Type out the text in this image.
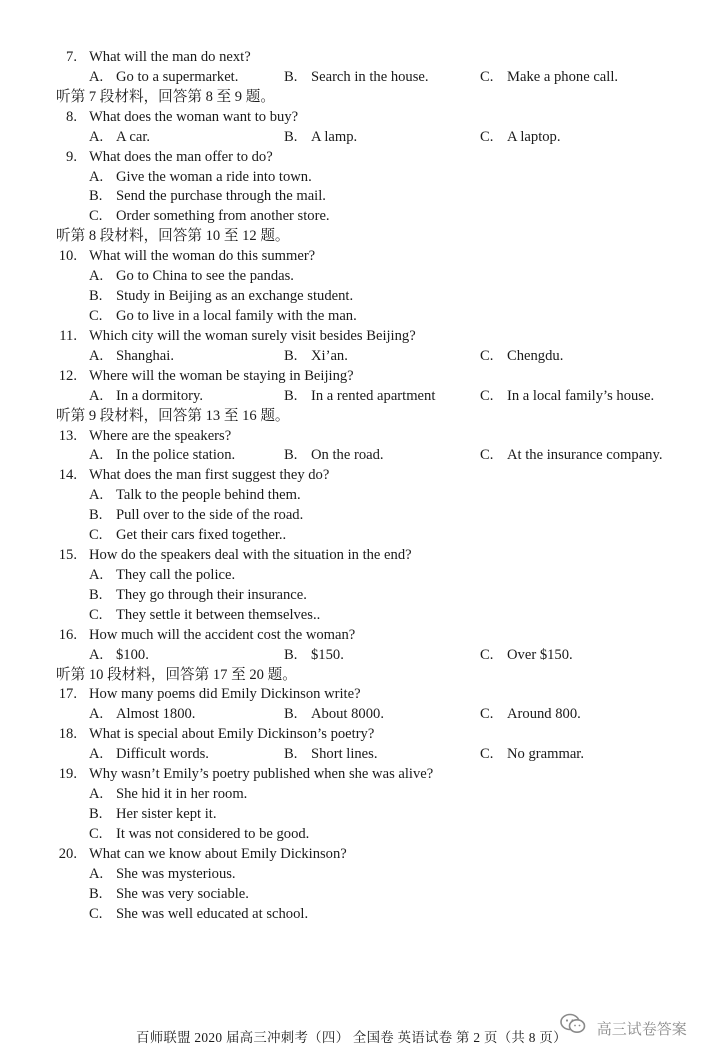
7. What will the man do next?
A. Go to a supermarket.	B. Search in the house.	C. Make a phone call.
听第 7 段材料，回答第 8 至 9 题。
8. What does the woman want to buy?
A. A car.	B. A lamp.	C. A laptop.
9. What does the man offer to do?
A. Give the woman a ride into town.
B. Send the purchase through the mail.
C. Order something from another store.
听第 8 段材料，回答第 10 至 12 题。
10. What will the woman do this summer?
A. Go to China to see the pandas.
B. Study in Beijing as an exchange student.
C. Go to live in a local family with the man.
11. Which city will the woman surely visit besides Beijing?
A. Shanghai.	B. Xi’an.	C. Chengdu.
12. Where will the woman be staying in Beijing?
A. In a dormitory.	B. In a rented apartment	C. In a local family’s house.
听第 9 段材料，回答第 13 至 16 题。
13. Where are the speakers?
A. In the police station.	B. On the road.	C. At the insurance company.
14. What does the man first suggest they do?
A. Talk to the people behind them.
B. Pull over to the side of the road.
C. Get their cars fixed together..
15. How do the speakers deal with the situation in the end?
A. They call the police.
B. They go through their insurance.
C. They settle it between themselves..
16. How much will the accident cost the woman?
A. $100.	B. $150.	C. Over $150.
听第 10 段材料，回答第 17 至 20 题。
17. How many poems did Emily Dickinson write?
A. Almost 1800.	B. About 8000.	C. Around 800.
18. What is special about Emily Dickinson’s poetry?
A. Difficult words.	B. Short lines.	C. No grammar.
19. Why wasn’t Emily’s poetry published when she was alive?
A. She hid it in her room.
B. Her sister kept it.
C. It was not considered to be good.
20. What can we know about Emily Dickinson?
A. She was mysterious.
B. She was very sociable.
C. She was well educated at school.
百师联盟 2020 届高三冲刺考（四） 全国卷 英语试卷 第 2 页（共 8 页）	高三试卷答案
